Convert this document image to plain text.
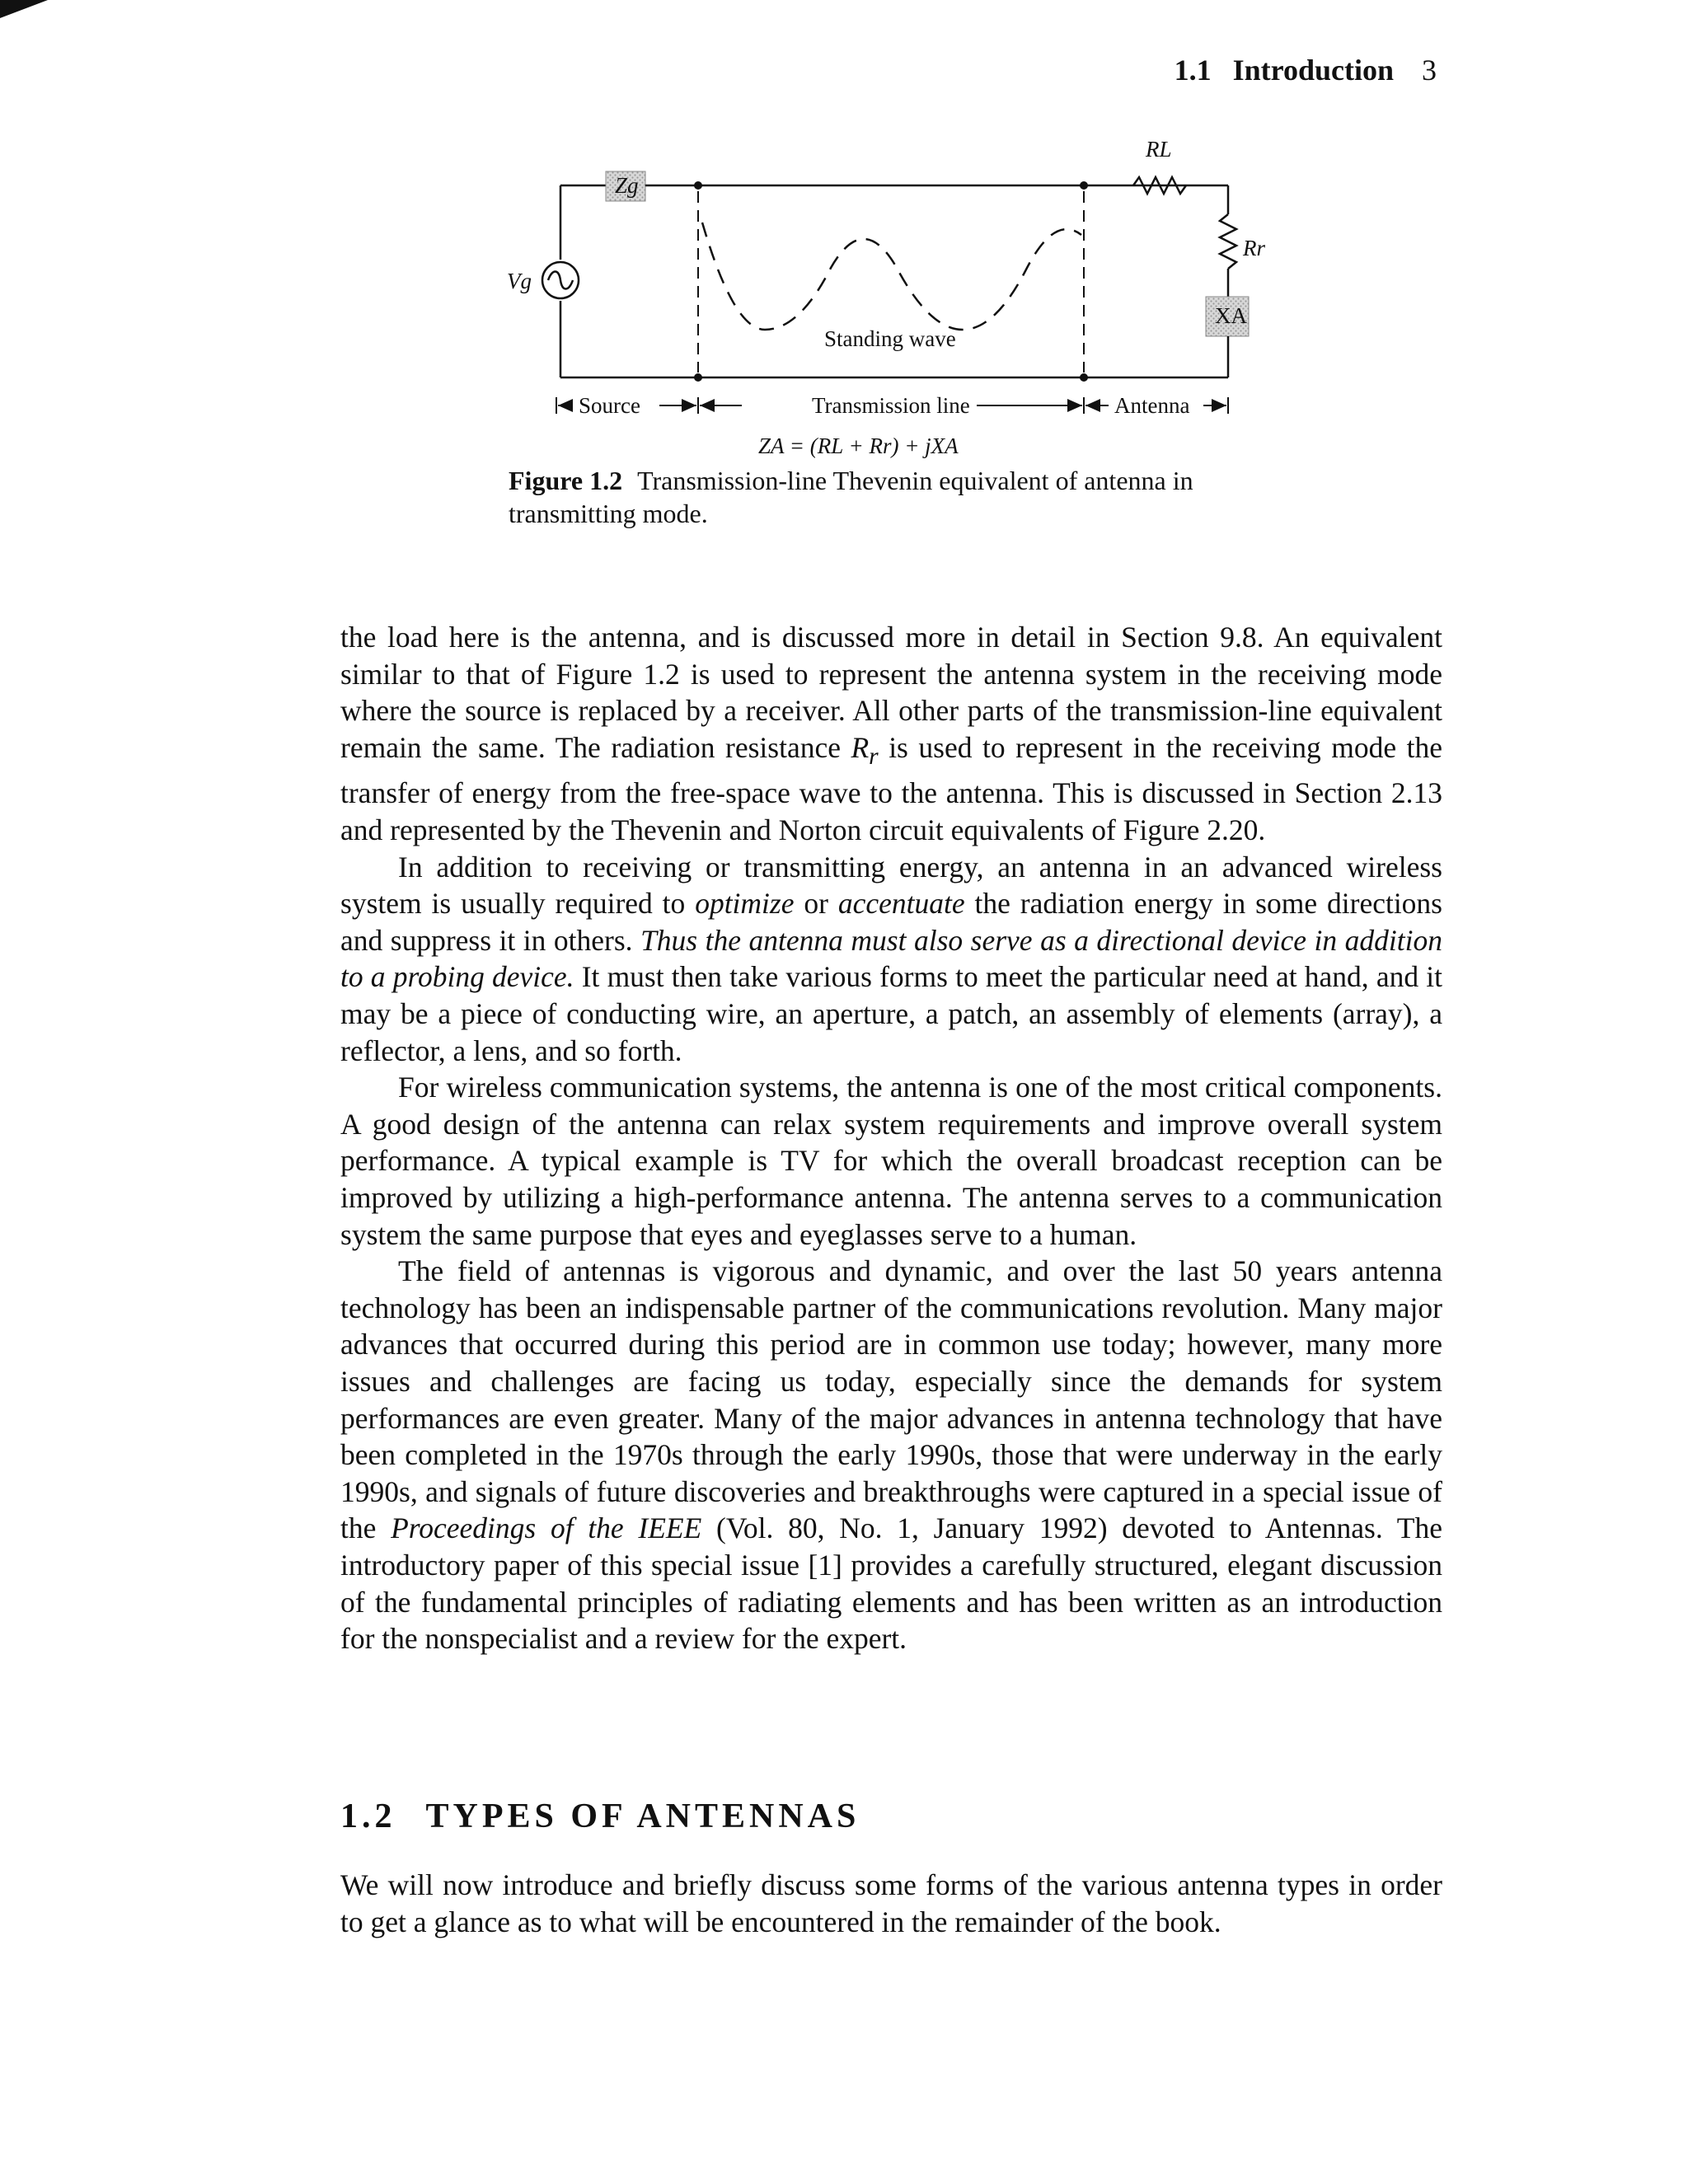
1.1 Introduction 3
Zg
Vg
Standing wave
RL
Rr
XA
Source	Transmission line	Antenna
ZA = (RL + Rr) + jXA
Figure 1.2 Transmission-line Thevenin equivalent of antenna in transmitting mode.

the load here is the antenna, and is discussed more in detail in Section 9.8. An equivalent similar to that of Figure 1.2 is used to represent the antenna system in the receiving mode where the source is replaced by a receiver. All other parts of the transmission-line equivalent remain the same. The radiation resistance $R_r$ is used to represent in the receiving mode the transfer of energy from the free-space wave to the antenna. This is discussed in Section 2.13 and represented by the Thevenin and Norton circuit equivalents of Figure 2.20.

In addition to receiving or transmitting energy, an antenna in an advanced wireless system is usually required to optimize or accentuate the radiation energy in some directions and suppress it in others. Thus the antenna must also serve as a directional device in addition to a probing device. It must then take various forms to meet the particular need at hand, and it may be a piece of conducting wire, an aperture, a patch, an assembly of elements (array), a reflector, a lens, and so forth.

For wireless communication systems, the antenna is one of the most critical components. A good design of the antenna can relax system requirements and improve overall system performance. A typical example is TV for which the overall broadcast reception can be improved by utilizing a high-performance antenna. The antenna serves to a communication system the same purpose that eyes and eyeglasses serve to a human.

The field of antennas is vigorous and dynamic, and over the last 50 years antenna technology has been an indispensable partner of the communications revolution. Many major advances that occurred during this period are in common use today; however, many more issues and challenges are facing us today, especially since the demands for system performances are even greater. Many of the major advances in antenna technology that have been completed in the 1970s through the early 1990s, those that were underway in the early 1990s, and signals of future discoveries and breakthroughs were captured in a special issue of the Proceedings of the IEEE (Vol. 80, No. 1, January 1992) devoted to Antennas. The introductory paper of this special issue [1] provides a carefully structured, elegant discussion of the fundamental principles of radiating elements and has been written as an introduction for the nonspecialist and a review for the expert.

1.2 TYPES OF ANTENNAS

We will now introduce and briefly discuss some forms of the various antenna types in order to get a glance as to what will be encountered in the remainder of the book.
